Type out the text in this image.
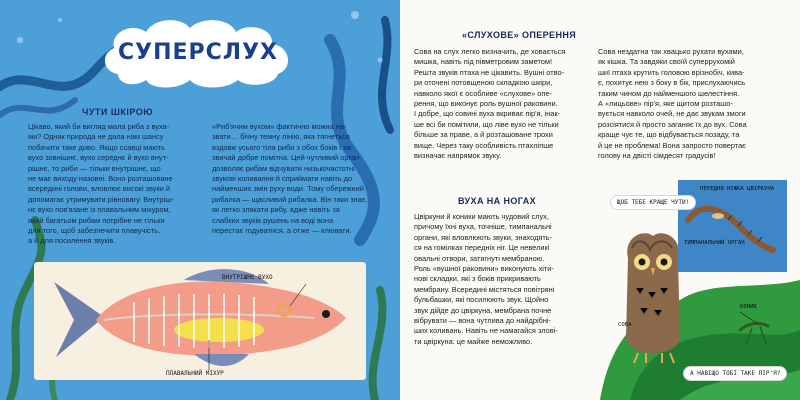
СУПЕРСЛУХ
ЧУТИ ШКІРОЮ

Цікаво, який би вигляд мала риба з вуха-
ми? Однак природа не дала нам шансу
побачити таке диво. Якщо ссавці мають
вухо зовнішнє, вухо середнє й вухо внут-
рішнє, то риби — тільки внутрішнє, що
не має виходу назовні. Воно розташоване
всередині голови, вловлює високі звуки й
допомагає утримувати рівновагу. Внутріш-
нє вухо пов'язане із плавальним міхуром,
який багатьом рибам потрібне не тільки
для того, щоб забезпечити плавучість,
а й для посилення звуків.

«Риб'ячим вухом» фактично можна на-
звати… бічну темну лінію, яка тягнеться
вздовж усього тіла риби з обох боків і за-
звичай добре помітна. Цей чутливий орган
дозволяє рибам відчувати низькочастотні
звукові коливання й сприймати навіть до
найменших змін руху води. Тому обережний
рибалка — щасливий рибалка. Він таки знає,
як легко злякати рибу, адже навіть за
слабких звуків рушень на воді вона
перестає годуватися, а отже — клювати.

ВНУТРІШНЄ ВУХО
ПЛАВАЛЬНИЙ МІХУР
«СЛУХОВЕ» ОПЕРЕННЯ

Сова на слух легко визначить, де ховається
мишка, навіть під півметровим заметом!
Решта звуків птаха не цікавить. Вушні отво-
ри оточені потовщеною складкою шкіри,
навколо якої є особливе «слухове» опе-
рення, що виконує роль вушної раковини.
І добре, що совині вуха вкриває пір'я, інак-
ше всі би помітили, що ліве вухо не тільки
більше за праве, а й розташоване трохи
вище. Через таку особливість птахліпше
визначає напрямок звуку.

Сова нездатна так хвацько рухати вухами,
як кішка. Та завдяки своїй суперрухомій
шиї птаха крутить головою врізнобіч, кива-
є, похитує нею з боку в бік, прислухаючись
таким чином до найменшого шелестіння.
А «лицьове» пір'я, яке щитом розташо-
вується навколо очей, не дає звукам змоги
розсіятися й просто заганяє їх до вух. Сова
краще чує те, що відбувається позаду, та
й це не проблема! Вона запросто повертає
голову на двісті сімдесят градусів!

ВУХА НА НОГАХ

Цвіркуни й коники мають чудовий слух,
причому їхні вуха, точніше, тимпанальні
органи, які вловлюють звуки, знаходять-
ся на гомілках передніх ніг. Це невеликі
овальні отвори, затягнуті мембраною.
Роль «вушної раковини» виконують хіти-
нові складки, які з боків прикривають
мембрану. Всередині містяться повітряні
бульбашки, які посилюють звук. Щойно
звук дійде до цвіркуна, мембрана почне
вібрувати — вона чутлива до найдрібні-
ших коливань. Навіть не намагайся злові-
ти цвіркуна: це майже неможливо.

ПЕРЕДНЯ НІЖКА ЦВІРКУНА
ТИМПАНАЛЬНИЙ ОРГАН
ЩОБ ТЕБЕ КРАЩЕ ЧУТИ!
А НАВІЩО ТОБІ ТАКЕ ПІР'Я?
СОВА
КОНИК
